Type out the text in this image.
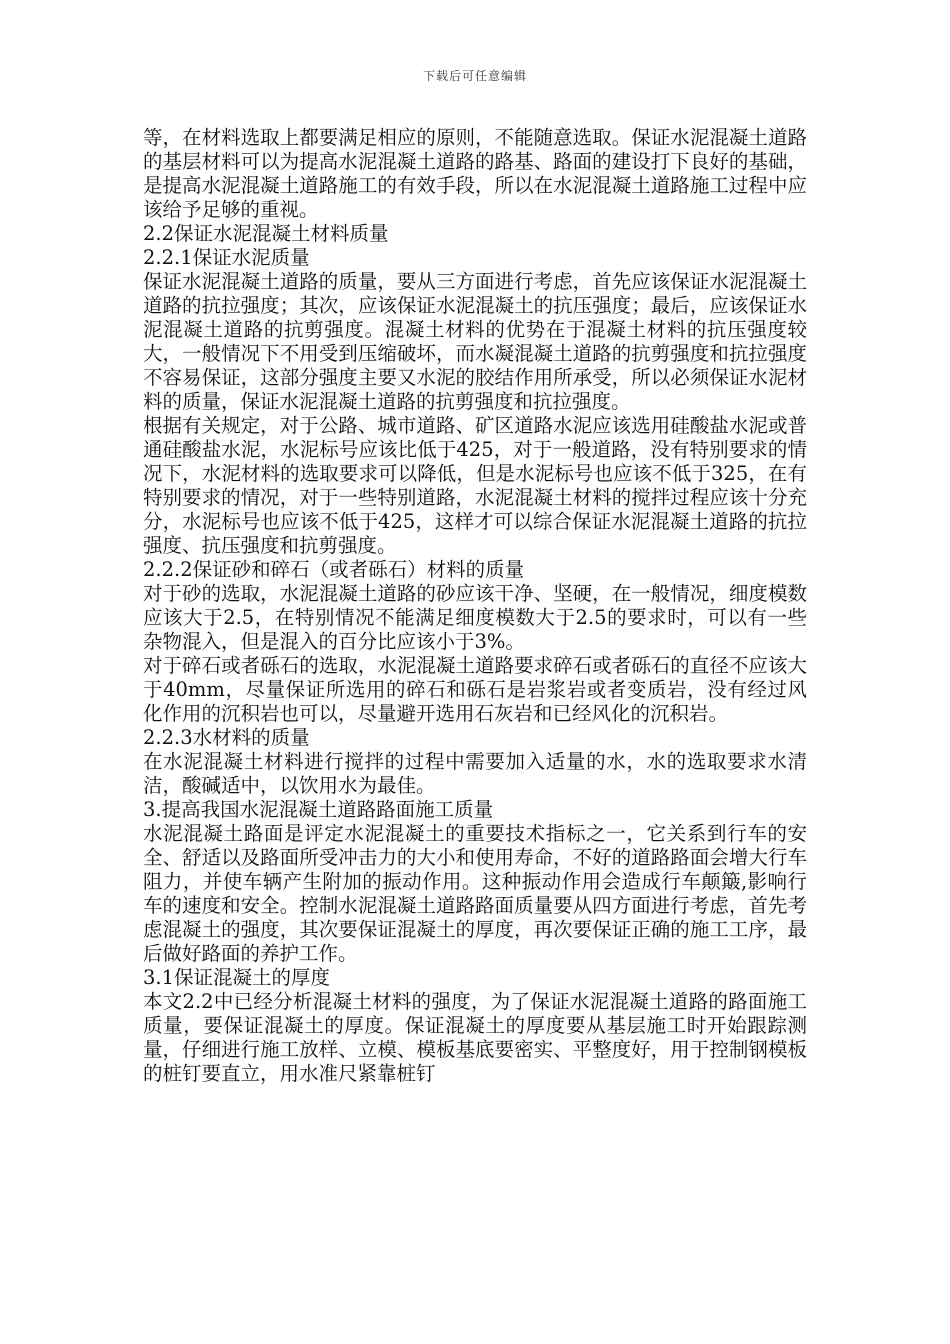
下载后可任意编辑

等，在材料选取上都要满足相应的原则，不能随意选取。保证水泥混凝土道路的基层材料可以为提高水泥混凝土道路的路基、路面的建设打下良好的基础，是提高水泥混凝土道路施工的有效手段，所以在水泥混凝土道路施工过程中应该给予足够的重视。

2.2保证水泥混凝土材料质量

2.2.1保证水泥质量

保证水泥混凝土道路的质量，要从三方面进行考虑，首先应该保证水泥混凝土道路的抗拉强度；其次，应该保证水泥混凝土的抗压强度；最后，应该保证水泥混凝土道路的抗剪强度。混凝土材料的优势在于混凝土材料的抗压强度较大，一般情况下不用受到压缩破坏，而水凝混凝土道路的抗剪强度和抗拉强度不容易保证，这部分强度主要又水泥的胶结作用所承受，所以必须保证水泥材料的质量，保证水泥混凝土道路的抗剪强度和抗拉强度。

根据有关规定，对于公路、城市道路、矿区道路水泥应该选用硅酸盐水泥或普通硅酸盐水泥，水泥标号应该比低于425，对于一般道路，没有特别要求的情况下，水泥材料的选取要求可以降低，但是水泥标号也应该不低于325，在有特别要求的情况，对于一些特别道路，水泥混凝土材料的搅拌过程应该十分充分，水泥标号也应该不低于425，这样才可以综合保证水泥混凝土道路的抗拉强度、抗压强度和抗剪强度。

2.2.2保证砂和碎石（或者砾石）材料的质量

对于砂的选取，水泥混凝土道路的砂应该干净、坚硬，在一般情况，细度模数应该大于2.5，在特别情况不能满足细度模数大于2.5的要求时，可以有一些杂物混入，但是混入的百分比应该小于3%。

对于碎石或者砾石的选取，水泥混凝土道路要求碎石或者砾石的直径不应该大于40mm，尽量保证所选用的碎石和砾石是岩浆岩或者变质岩，没有经过风化作用的沉积岩也可以，尽量避开选用石灰岩和已经风化的沉积岩。

2.2.3水材料的质量

在水泥混凝土材料进行搅拌的过程中需要加入适量的水，水的选取要求水清洁，酸碱适中，以饮用水为最佳。

3.提高我国水泥混凝土道路路面施工质量

水泥混凝土路面是评定水泥混凝土的重要技术指标之一，它关系到行车的安全、舒适以及路面所受冲击力的大小和使用寿命，不好的道路路面会增大行车阻力，并使车辆产生附加的振动作用。这种振动作用会造成行车颠簸,影响行车的速度和安全。控制水泥混凝土道路路面质量要从四方面进行考虑，首先考虑混凝土的强度，其次要保证混凝土的厚度，再次要保证正确的施工工序，最后做好路面的养护工作。

3.1保证混凝土的厚度

本文2.2中已经分析混凝土材料的强度，为了保证水泥混凝土道路的路面施工质量，要保证混凝土的厚度。保证混凝土的厚度要从基层施工时开始跟踪测量，仔细进行施工放样、立模、模板基底要密实、平整度好，用于控制钢模板的桩钉要直立，用水准尺紧靠桩钉
